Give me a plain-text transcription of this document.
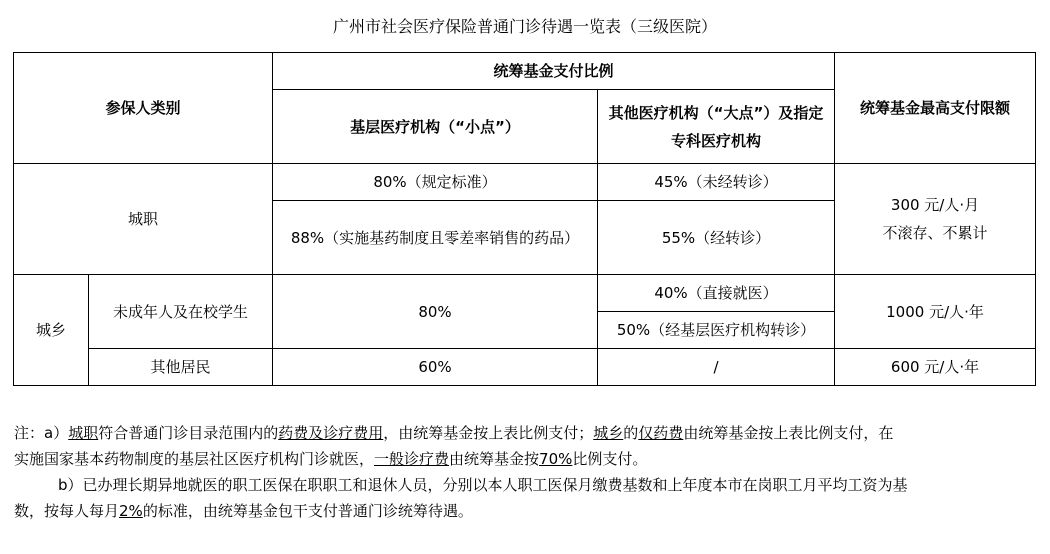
广州市社会医疗保险普通门诊待遇一览表（三级医院）
参保人类别		统筹基金支付比例		统筹基金最高支付限额
		基层医疗机构（“小点”）	其他医疗机构（“大点”）及指定专科医疗机构	
城职		80%（规定标准）	45%（未经转诊）	300 元/人·月
不滚存、不累计

		88%（实施基药制度且零差率销售的药品）	55%（经转诊）	
城乡	未成年人及在校学生	80%	40%（直接就医）	1000 元/人·年
			50%（经基层医疗机构转诊）	
	其他居民	60%	/	600 元/人·年

注：a）城职符合普通门诊目录范围内的药费及诊疗费用，由统筹基金按上表比例支付；城乡的仅药费由统筹基金按上表比例支付，在

实施国家基本药物制度的基层社区医疗机构门诊就医，一般诊疗费由统筹基金按70%比例支付。

b）已办理长期异地就医的职工医保在职职工和退休人员，分别以本人职工医保月缴费基数和上年度本市在岗职工月平均工资为基

数，按每人每月2%的标准，由统筹基金包干支付普通门诊统筹待遇。
